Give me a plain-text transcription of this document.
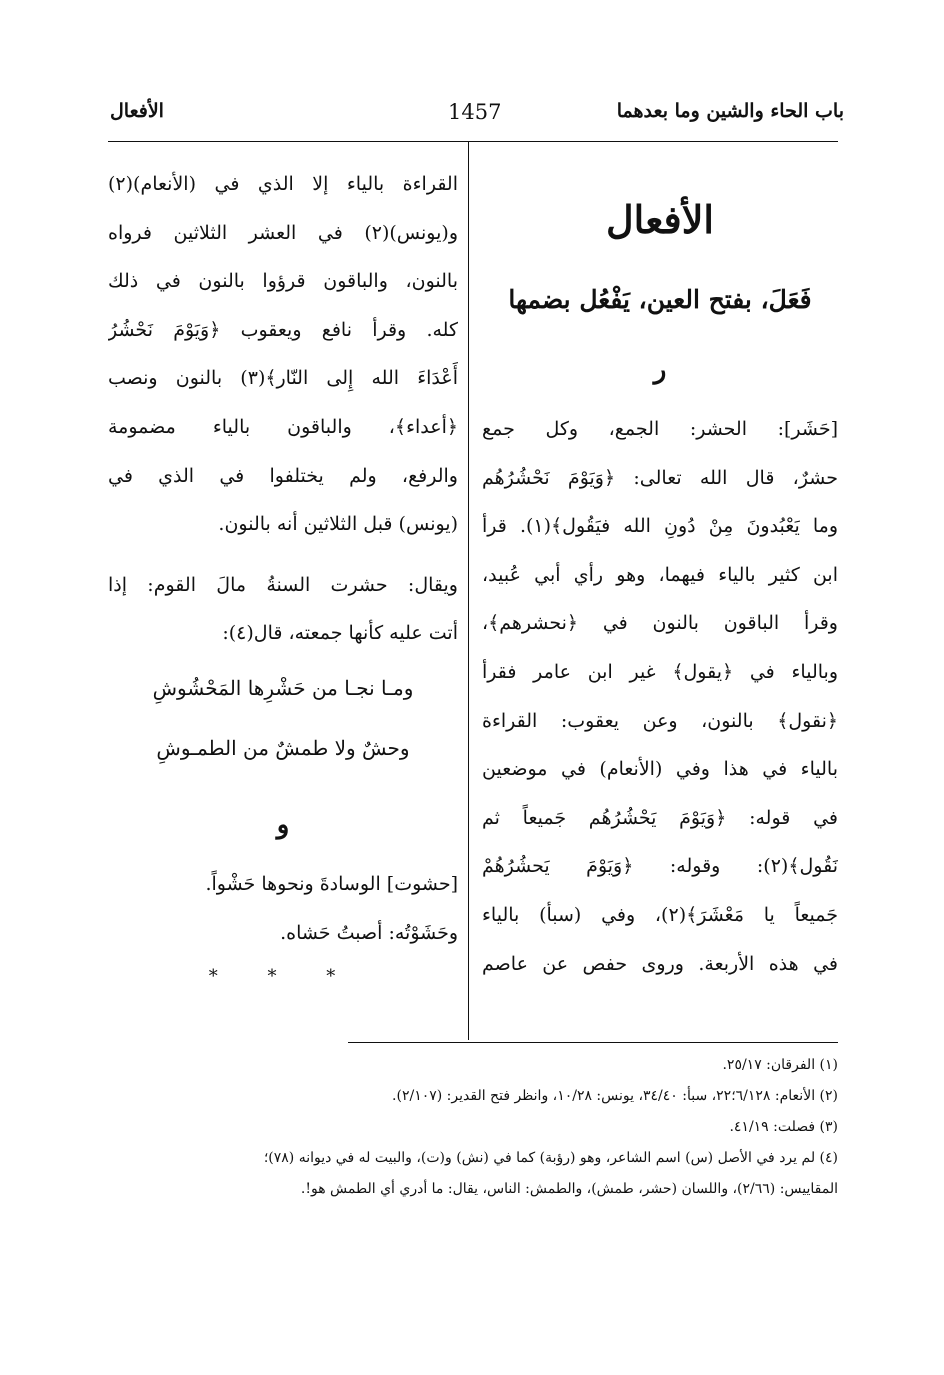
باب الحاء والشين وما بعدهما
1457
الأفعال
الأفعال
فَعَلَ، بفتح العين، يَفْعُل بضمها
ر
[حَشَر]: الحشر: الجمع، وكل جمع
حشرٌ، قال الله تعالى: ﴿وَيَوْمَ نَحْشُرُهُم
وما يَعْبُدونَ مِنْ دُونِ الله فيَقُول﴾(١). قرأ
ابن كثير بالياء فيهما، وهو رأي أبي عُبيد،
وقرأ الباقون بالنون في ﴿نحشرهم﴾،
وبالياء في ﴿يقول﴾ غير ابن عامر فقرأ
﴿نقول﴾ بالنون، وعن يعقوب: القراءة
بالياء في هذا وفي (الأنعام) في موضعين
في قوله: ﴿وَيَوْمَ يَحْشُرُهُم جَميعاً ثم
نَقُول﴾(٢): وقوله: ﴿وَيَوْمَ يَحشُرُهُمْ
جَميعاً يا مَعْشَرَ﴾(٢)، وفي (سبأ) بالياء
في هذه الأربعة. وروى حفص عن عاصم
القراءة بالياء إلا الذي في (الأنعام)(٢)
و(يونس)(٢) في العشر الثلاثين فرواه
بالنون، والباقون قرؤوا بالنون في ذلك
كله. وقرأ نافع ويعقوب ﴿وَيَوْمَ نَحْشُرُ
أَعْدَاءَ الله إِلى النّار﴾(٣) بالنون ونصب
﴿أعداء﴾، والباقون بالياء مضمومة
والرفع، ولم يختلفوا في الذي في
(يونس) قبل الثلاثين أنه بالنون.
ويقال: حشرت السنةُ مالَ القوم: إذا
أتت عليه كأنها جمعته، قال(٤):
ومـا نجـا من حَشْرِها المَحْشُوشِ
وحشٌ ولا طمشٌ من الطمـوشِ
و
[حشوت] الوسادةَ ونحوها حَشْواً.
وحَشَوْتُه: أصبتُ حَشاه.
* * *
(١) الفرقان: ٢٥/١٧.
(٢) الأنعام: ٦/١٢٨؛٢٢، سبأ: ٣٤/٤٠، يونس: ١٠/٢٨، وانظر فتح القدير: (٢/١٠٧).
(٣) فصلت: ٤١/١٩.
(٤) لم يرد في الأصل (س) اسم الشاعر، وهو (رؤبة) كما في (نش) و(ت)، والبيت له في ديوانه (٧٨)؛
المقاييس: (٢/٦٦)، واللسان (حشر، طمش)، والطمش: الناس، يقال: ما أدري أي الطمش هو!.
